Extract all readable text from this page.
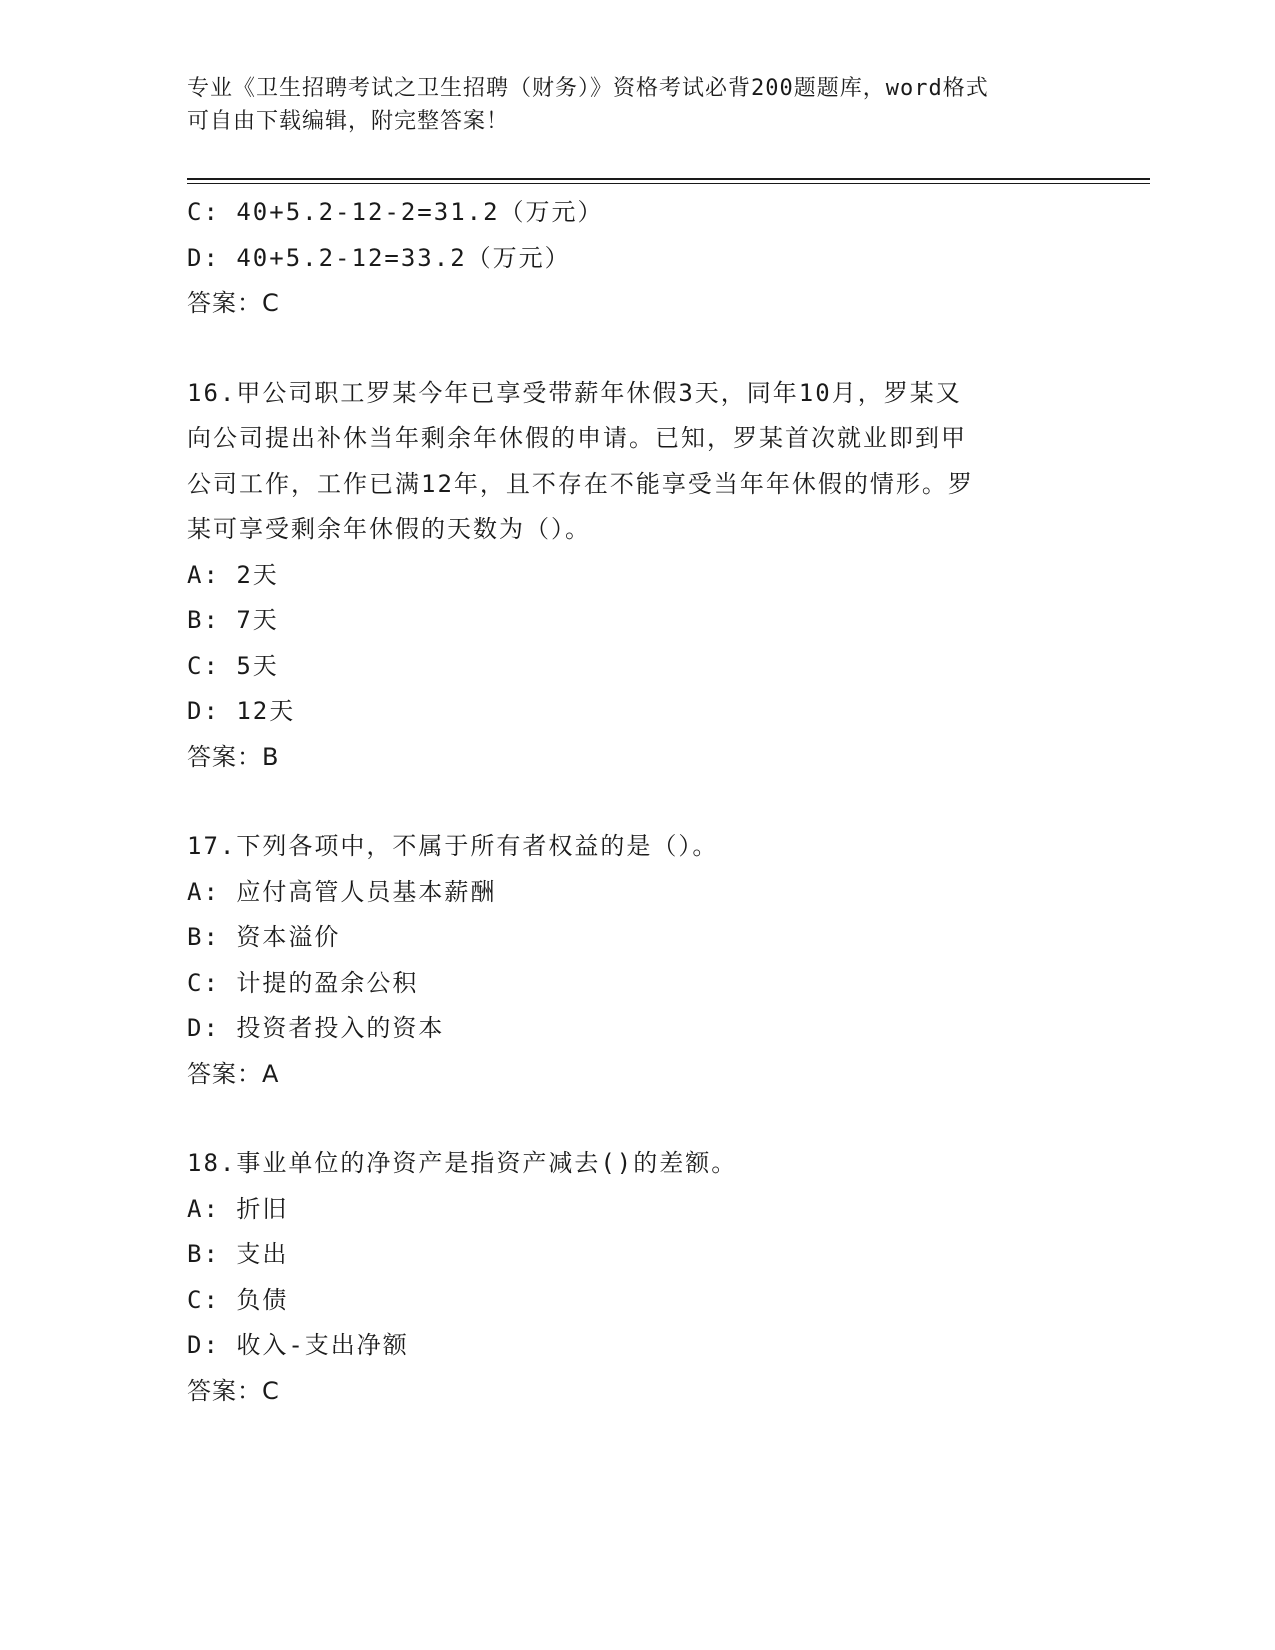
专业《卫生招聘考试之卫生招聘（财务）》资格考试必背200题题库，word格式
可自由下载编辑，附完整答案！
C: 40+5.2-12-2=31.2（万元）
D: 40+5.2-12=33.2（万元）
答案：C
16.甲公司职工罗某今年已享受带薪年休假3天，同年10月，罗某又
向公司提出补休当年剩余年休假的申请。已知，罗某首次就业即到甲
公司工作，工作已满12年，且不存在不能享受当年年休假的情形。罗
某可享受剩余年休假的天数为（）。
A: 2天
B: 7天
C: 5天
D: 12天
答案：B
17.下列各项中，不属于所有者权益的是（）。
A: 应付高管人员基本薪酬
B: 资本溢价
C: 计提的盈余公积
D: 投资者投入的资本
答案：A
18.事业单位的净资产是指资产减去()的差额。
A: 折旧
B: 支出
C: 负债
D: 收入-支出净额
答案：C
